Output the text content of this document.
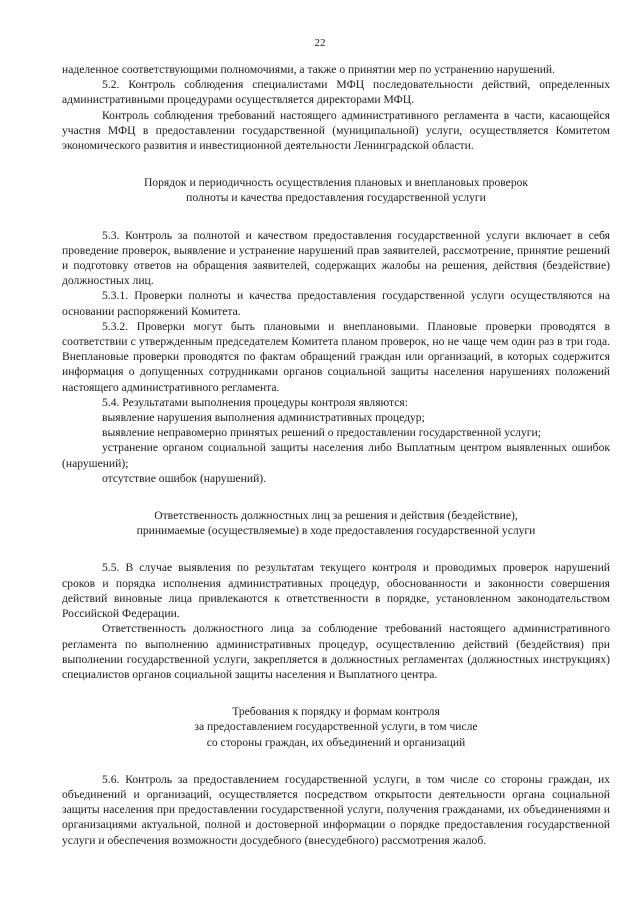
22

наделенное соответствующими полномочиями, а также о принятии мер по устранению нарушений.

5.2. Контроль соблюдения специалистами МФЦ последовательности действий, определенных административными процедурами осуществляется директорами МФЦ.

Контроль соблюдения требований настоящего административного регламента в части, касающейся участия МФЦ в предоставлении государственной (муниципальной) услуги, осуществляется Комитетом экономического развития и инвестиционной деятельности Ленинградской области.

Порядок и периодичность осуществления плановых и внеплановых проверок
полноты и качества предоставления государственной услуги

5.3. Контроль за полнотой и качеством предоставления государственной услуги включает в себя проведение проверок, выявление и устранение нарушений прав заявителей, рассмотрение, принятие решений и подготовку ответов на обращения заявителей, содержащих жалобы на решения, действия (бездействие) должностных лиц.

5.3.1. Проверки полноты и качества предоставления государственной услуги осуществляются на основании распоряжений Комитета.

5.3.2. Проверки могут быть плановыми и внеплановыми. Плановые проверки проводятся в соответствии с утвержденным председателем Комитета планом проверок, но не чаще чем один раз в три года. Внеплановые проверки проводятся по фактам обращений граждан или организаций, в которых содержится информация о допущенных сотрудниками органов социальной защиты населения нарушениях положений настоящего административного регламента.

5.4. Результатами выполнения процедуры контроля являются:

выявление нарушения выполнения административных процедур;

выявление неправомерно принятых решений о предоставлении государственной услуги;

устранение органом социальной защиты населения либо Выплатным центром выявленных ошибок (нарушений);

отсутствие ошибок (нарушений).

Ответственность должностных лиц за решения и действия (бездействие),
принимаемые (осуществляемые) в ходе предоставления государственной услуги

5.5. В случае выявления по результатам текущего контроля и проводимых проверок нарушений сроков и порядка исполнения административных процедур, обоснованности и законности совершения действий виновные лица привлекаются к ответственности в порядке, установленном законодательством Российской Федерации.

Ответственность должностного лица за соблюдение требований настоящего административного регламента по выполнению административных процедур, осуществлению действий (бездействия) при выполнении государственной услуги, закрепляется в должностных регламентах (должностных инструкциях) специалистов органов социальной защиты населения и Выплатного центра.

Требования к порядку и формам контроля
за предоставлением государственной услуги, в том числе
со стороны граждан, их объединений и организаций

5.6. Контроль за предоставлением государственной услуги, в том числе со стороны граждан, их объединений и организаций, осуществляется посредством открытости деятельности органа социальной защиты населения при предоставлении государственной услуги, получения гражданами, их объединениями и организациями актуальной, полной и достоверной информации о порядке предоставления государственной услуги и обеспечения возможности досудебного (внесудебного) рассмотрения жалоб.
